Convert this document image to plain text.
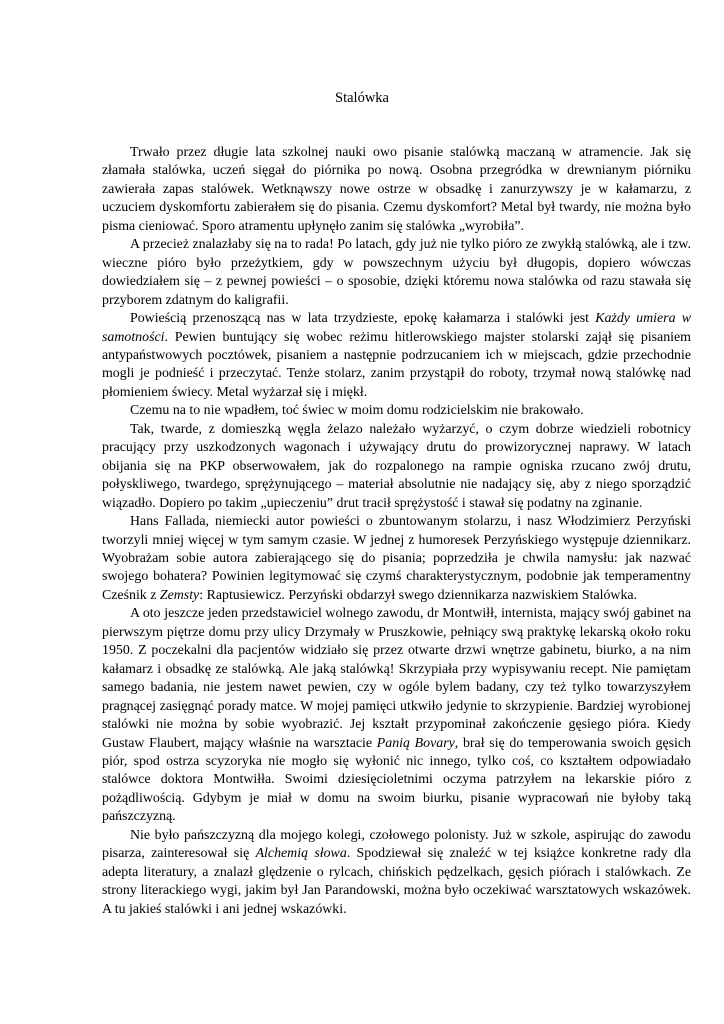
Stalówka

Trwało przez długie lata szkolnej nauki owo pisanie stalówką maczaną w atramencie. Jak się złamała stalówka, uczeń sięgał do piórnika po nową. Osobna przegródka w drewnianym piórniku zawierała zapas stalówek. Wetknąwszy nowe ostrze w obsadkę i zanurzywszy je w kałamarzu, z uczuciem dyskomfortu zabierałem się do pisania. Czemu dyskomfort? Metal był twardy, nie można było pisma cieniować. Sporo atramentu upłynęło zanim się stalówka „wyrobiła”.

A przecież znalazłaby się na to rada! Po latach, gdy już nie tylko pióro ze zwykłą stalówką, ale i tzw. wieczne pióro było przeżytkiem, gdy w powszechnym użyciu był długopis, dopiero wówczas dowiedziałem się – z pewnej powieści – o sposobie, dzięki któremu nowa stalówka od razu stawała się przyborem zdatnym do kaligrafii.

Powieścią przenoszącą nas w lata trzydzieste, epokę kałamarza i stalówki jest Każdy umiera w samotności. Pewien buntujący się wobec reżimu hitlerowskiego majster stolarski zajął się pisaniem antypaństwowych pocztówek, pisaniem a następnie podrzucaniem ich w miejscach, gdzie przechodnie mogli je podnieść i przeczytać. Tenże stolarz, zanim przystąpił do roboty, trzymał nową stalówkę nad płomieniem świecy. Metal wyżarzał się i miękł.

Czemu na to nie wpadłem, toć świec w moim domu rodzicielskim nie brakowało.

Tak, twarde, z domieszką węgla żelazo należało wyżarzyć, o czym dobrze wiedzieli robotnicy pracujący przy uszkodzonych wagonach i używający drutu do prowizorycznej naprawy. W latach obijania się na PKP obserwowałem, jak do rozpalonego na rampie ogniska rzucano zwój drutu, połyskliwego, twardego, sprężynującego – materiał absolutnie nie nadający się, aby z niego sporządzić wiązadło. Dopiero po takim „upieczeniu” drut tracił sprężystość i stawał się podatny na zginanie.

Hans Fallada, niemiecki autor powieści o zbuntowanym stolarzu, i nasz Włodzimierz Perzyński tworzyli mniej więcej w tym samym czasie. W jednej z humoresek Perzyńskiego występuje dziennikarz. Wyobrażam sobie autora zabierającego się do pisania; poprzedziła je chwila namysłu: jak nazwać swojego bohatera? Powinien legitymować się czymś charakterystycznym, podobnie jak temperamentny Cześnik z Zemsty: Raptusiewicz. Perzyński obdarzył swego dziennikarza nazwiskiem Stalówka.

A oto jeszcze jeden przedstawiciel wolnego zawodu, dr Montwiłł, internista, mający swój gabinet na pierwszym piętrze domu przy ulicy Drzymały w Pruszkowie, pełniący swą praktykę lekarską około roku 1950. Z poczekalni dla pacjentów widziało się przez otwarte drzwi wnętrze gabinetu, biurko, a na nim kałamarz i obsadkę ze stalówką. Ale jaką stalówką! Skrzypiała przy wypisywaniu recept. Nie pamiętam samego badania, nie jestem nawet pewien, czy w ogóle bylem badany, czy też tylko towarzyszyłem pragnącej zasięgnąć porady matce. W mojej pamięci utkwiło jedynie to skrzypienie. Bardziej wyrobionej stalówki nie można by sobie wyobrazić. Jej kształt przypominał zakończenie gęsiego pióra. Kiedy Gustaw Flaubert, mający właśnie na warsztacie Panią Bovary, brał się do temperowania swoich gęsich piór, spod ostrza scyzoryka nie mogło się wyłonić nic innego, tylko coś, co kształtem odpowiadało stalówce doktora Montwiłła. Swoimi dziesięcioletnimi oczyma patrzyłem na lekarskie pióro z pożądliwością. Gdybym je miał w domu na swoim biurku, pisanie wypracowań nie byłoby taką pańszczyzną.

Nie było pańszczyzną dla mojego kolegi, czołowego polonisty. Już w szkole, aspirując do zawodu pisarza, zainteresował się Alchemią słowa. Spodziewał się znaleźć w tej książce konkretne rady dla adepta literatury, a znalazł ględzenie o rylcach, chińskich pędzelkach, gęsich piórach i stalówkach. Ze strony literackiego wygi, jakim był Jan Parandowski, można było oczekiwać warsztatowych wskazówek. A tu jakieś stalówki i ani jednej wskazówki.
